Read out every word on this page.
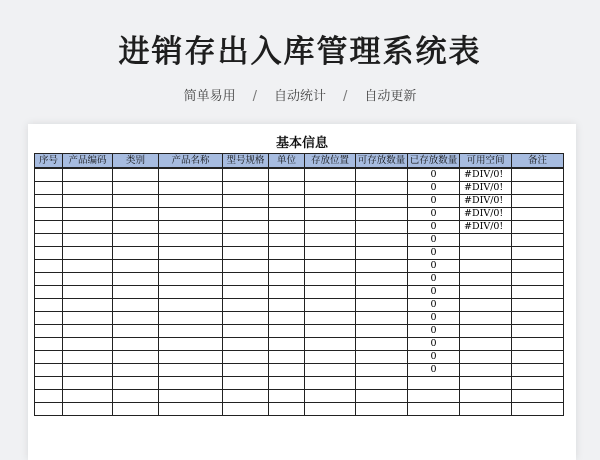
进销存出入库管理系统表
简单易用 / 自动统计 / 自动更新
基本信息
序号	产品编码	类别	产品名称	型号规格	单位	存放位置	可存放数量	已存放数量	可用空间	备注
								0	#DIV/0!	
								0	#DIV/0!	
								0	#DIV/0!	
								0	#DIV/0!	
								0	#DIV/0!	
								0		
								0		
								0		
								0		
								0		
								0		
								0		
								0		
								0		
								0		
								0		
